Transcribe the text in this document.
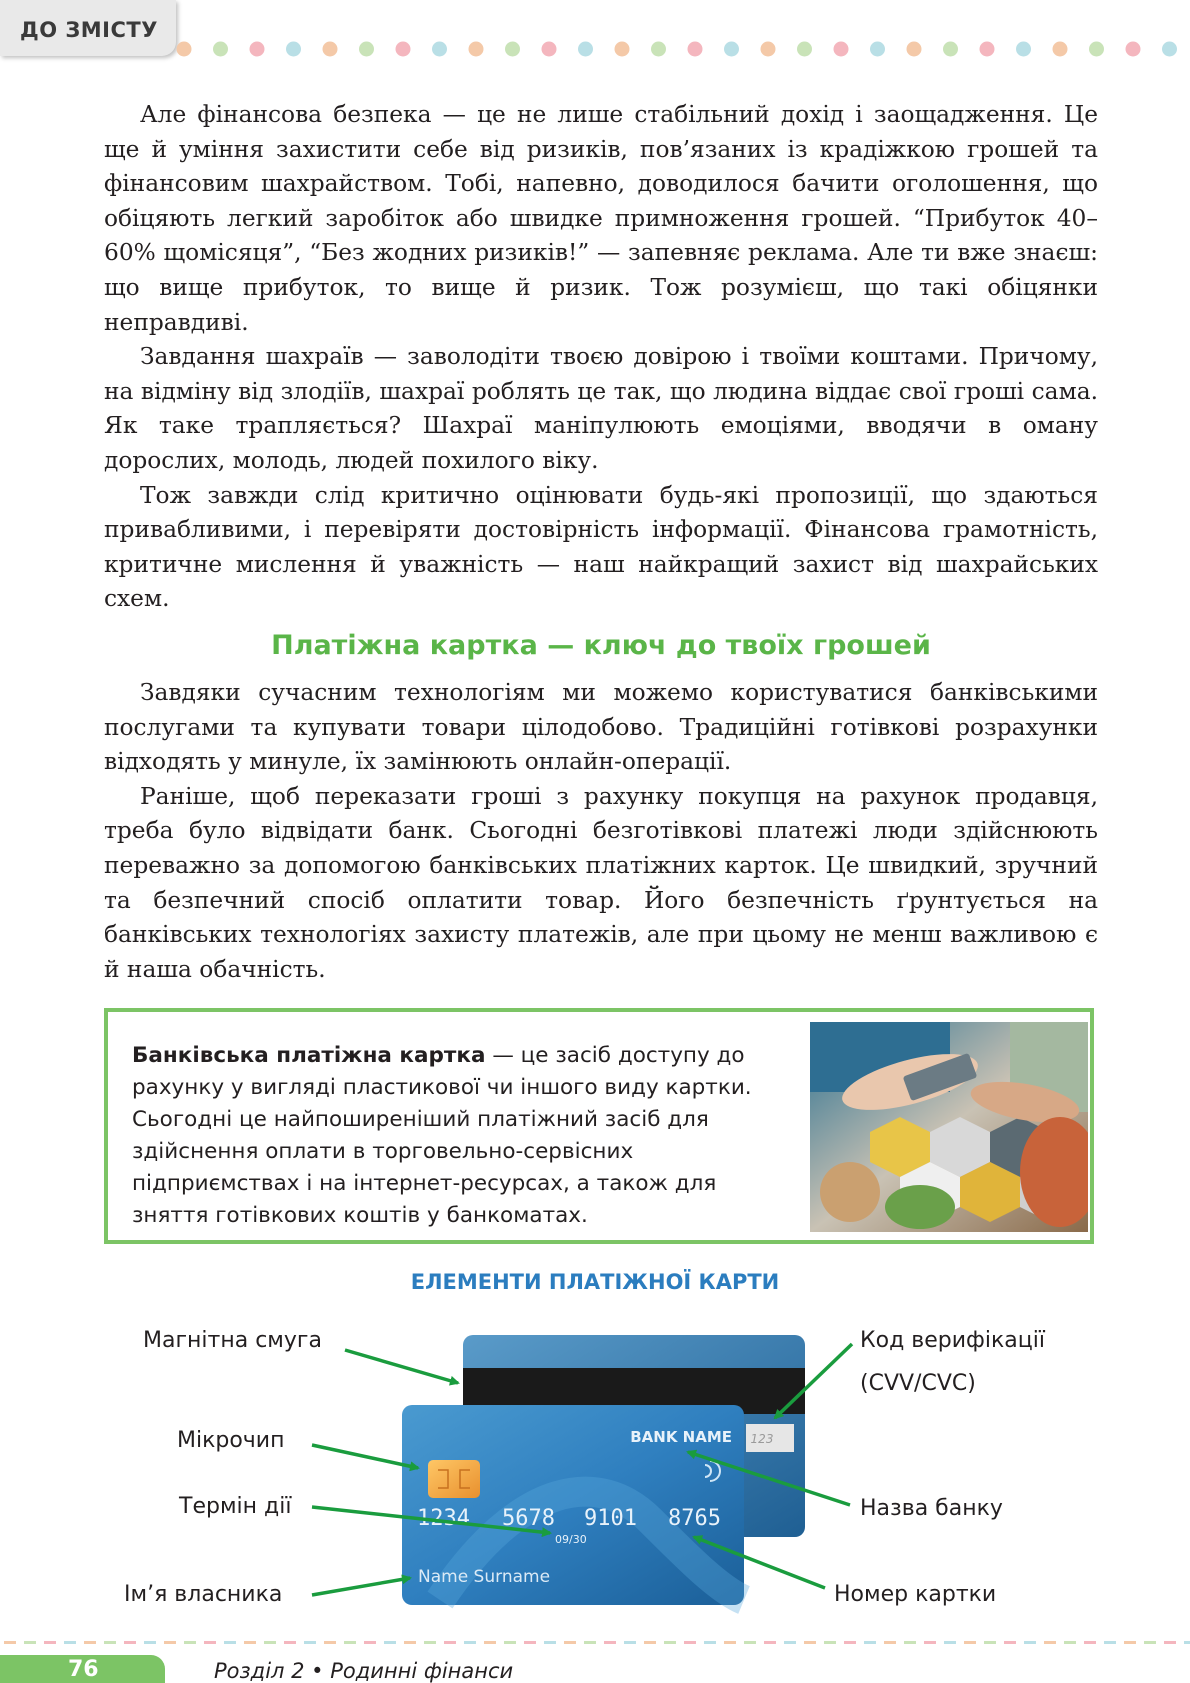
ДО ЗМІСТУ

Але фінансова безпека — це не лише стабільний дохід і заощадження. Це ще й уміння захистити себе від ризиків, пов’язаних із крадіжкою грошей та фінансовим шахрайством. Тобі, напевно, доводилося бачити оголошення, що обіцяють легкий заробіток або швидке примноження грошей. “Прибуток 40–60% щомісяця”, “Без жодних ризиків!” — запевняє реклама. Але ти вже знаєш: що вище прибуток, то вище й ризик. Тож розумієш, що такі обіцянки неправдиві.

Завдання шахраїв — заволодіти твоєю довірою і твоїми коштами. Причому, на відміну від злодіїв, шахраї роблять це так, що людина віддає свої гроші сама. Як таке трапляється? Шахраї маніпулюють емоціями, вводячи в оману дорослих, молодь, людей похилого віку.

Тож завжди слід критично оцінювати будь-які пропозиції, що здаються привабливими, і перевіряти достовірність інформації. Фінансова грамотність, критичне мислення й уважність — наш найкращий захист від шахрайських схем.

Платіжна картка — ключ до твоїх грошей

Завдяки сучасним технологіям ми можемо користуватися банківськими послугами та купувати товари цілодобово. Традиційні готівкові розрахунки відходять у минуле, їх замінюють онлайн-операції.

Раніше, щоб переказати гроші з рахунку покупця на рахунок продавця, треба було відвідати банк. Сьогодні безготівкові платежі люди здійснюють переважно за допомогою банківських платіжних карток. Це швидкий, зручний та безпечний спосіб оплатити товар. Його безпечність ґрунтується на банківських технологіях захисту платежів, але при цьому не менш важливою є й наша обачність.

Банківська платіжна картка — це засіб доступу до рахунку у вигляді пластикової чи іншого виду картки. Сьогодні це найпоширеніший платіжний засіб для здійснення оплати в торговельно-сервісних підприємствах і на інтернет-ресурсах, а також для зняття готівкових коштів у банкоматах.
ЕЛЕМЕНТИ ПЛАТІЖНОЇ КАРТИ
BANK NAME 123
1234 5678 9101 8765
09/30
Name Surname
Магнітна смуга
Мікрочип
Термін дії
Ім’я власника
Код верифікації
(CVV/CVC)
Назва банку
Номер картки
76	Розділ 2 • Родинні фінанси
